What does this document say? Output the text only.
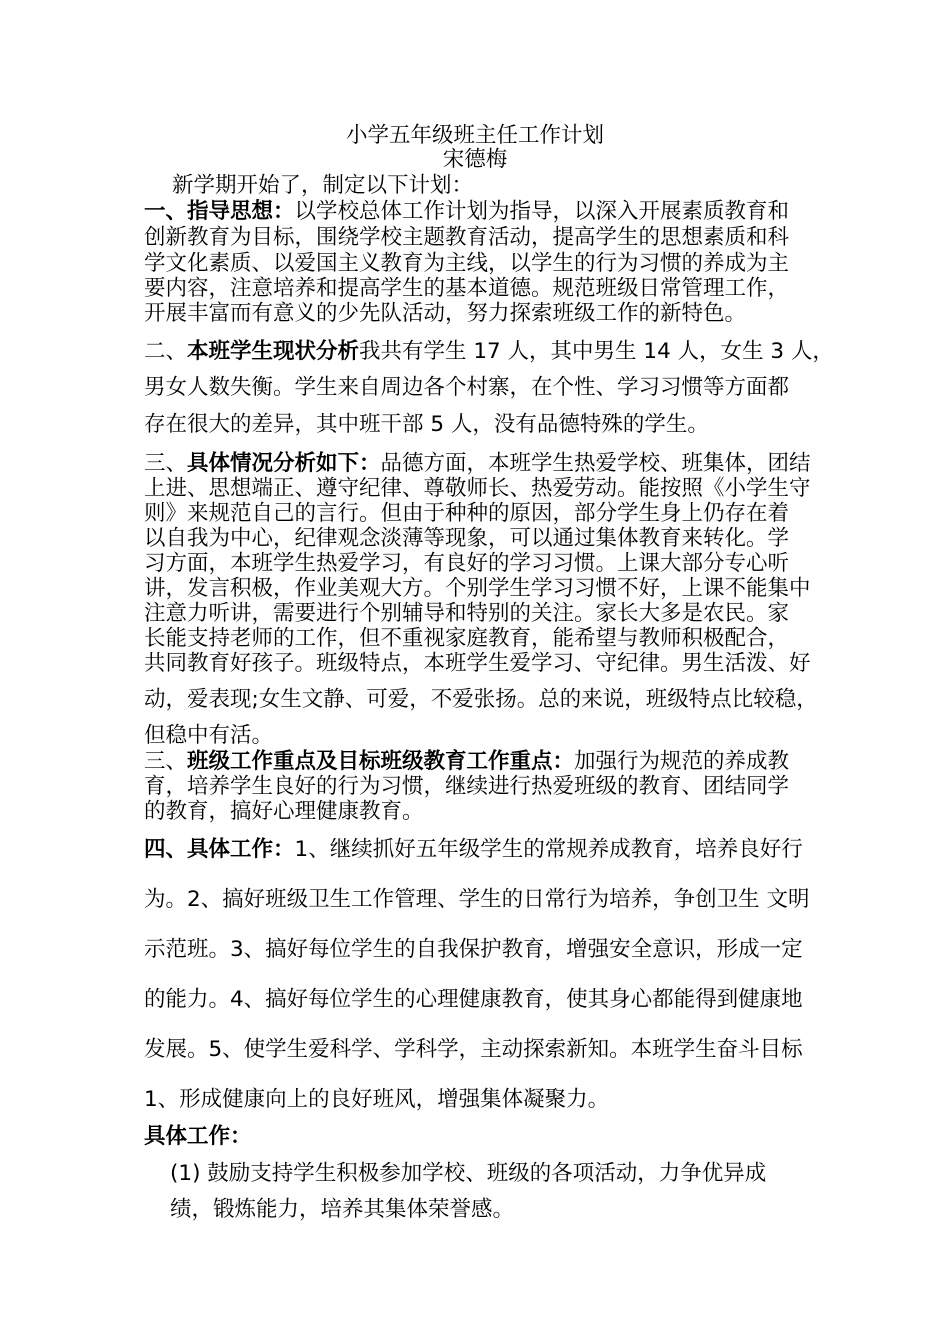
小学五年级班主任工作计划
宋德梅
新学期开始了，制定以下计划：
一、指导思想：以学校总体工作计划为指导，以深入开展素质教育和
创新教育为目标，围绕学校主题教育活动，提高学生的思想素质和科
学文化素质、以爱国主义教育为主线，以学生的行为习惯的养成为主
要内容，注意培养和提高学生的基本道德。规范班级日常管理工作，
开展丰富而有意义的少先队活动，努力探索班级工作的新特色。
二、本班学生现状分析我共有学生 17 人，其中男生 14 人，女生 3 人，
男女人数失衡。学生来自周边各个村寨，在个性、学习习惯等方面都
存在很大的差异，其中班干部 5 人，没有品德特殊的学生。
三、具体情况分析如下：品德方面，本班学生热爱学校、班集体，团结
上进、思想端正、遵守纪律、尊敬师长、热爱劳动。能按照《小学生守
则》来规范自己的言行。但由于种种的原因，部分学生身上仍存在着
以自我为中心，纪律观念淡薄等现象，可以通过集体教育来转化。学
习方面，本班学生热爱学习，有良好的学习习惯。上课大部分专心听
讲，发言积极，作业美观大方。个别学生学习习惯不好，上课不能集中
注意力听讲，需要进行个别辅导和特别的关注。家长大多是农民。家
长能支持老师的工作，但不重视家庭教育，能希望与教师积极配合，
共同教育好孩子。班级特点，本班学生爱学习、守纪律。男生活泼、好
动，爱表现;女生文静、可爱，不爱张扬。总的来说，班级特点比较稳，
但稳中有活。
三、班级工作重点及目标班级教育工作重点：加强行为规范的养成教
育，培养学生良好的行为习惯，继续进行热爱班级的教育、团结同学
的教育，搞好心理健康教育。
四、具体工作：1、继续抓好五年级学生的常规养成教育，培养良好行
为。2、搞好班级卫生工作管理、学生的日常行为培养，争创卫生 文明
示范班。3、搞好每位学生的自我保护教育，增强安全意识，形成一定
的能力。4、搞好每位学生的心理健康教育，使其身心都能得到健康地
发展。5、使学生爱科学、学科学，主动探索新知。本班学生奋斗目标
1、形成健康向上的良好班风，增强集体凝聚力。
具体工作：
(1) 鼓励支持学生积极参加学校、班级的各项活动，力争优异成
绩，锻炼能力，培养其集体荣誉感。
